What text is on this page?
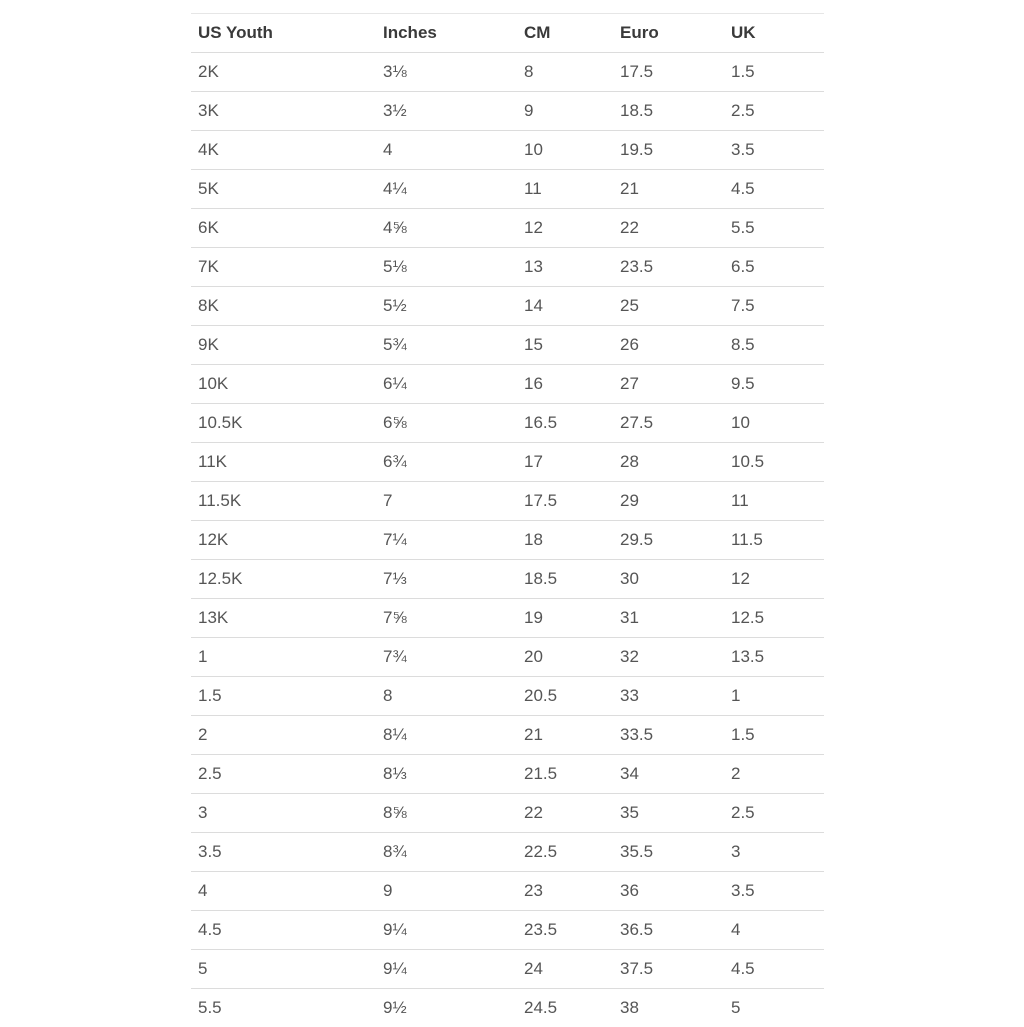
US Youth	Inches	CM	Euro	UK
2K	3⅛	8	17.5	1.5
3K	3½	9	18.5	2.5
4K	4	10	19.5	3.5
5K	4¼	11	21	4.5
6K	4⅝	12	22	5.5
7K	5⅛	13	23.5	6.5
8K	5½	14	25	7.5
9K	5¾	15	26	8.5
10K	6¼	16	27	9.5
10.5K	6⅝	16.5	27.5	10
11K	6¾	17	28	10.5
11.5K	7	17.5	29	11
12K	7¼	18	29.5	11.5
12.5K	7⅓	18.5	30	12
13K	7⅝	19	31	12.5
1	7¾	20	32	13.5
1.5	8	20.5	33	1
2	8¼	21	33.5	1.5
2.5	8⅓	21.5	34	2
3	8⅝	22	35	2.5
3.5	8¾	22.5	35.5	3
4	9	23	36	3.5
4.5	9¼	23.5	36.5	4
5	9¼	24	37.5	4.5
5.5	9½	24.5	38	5
